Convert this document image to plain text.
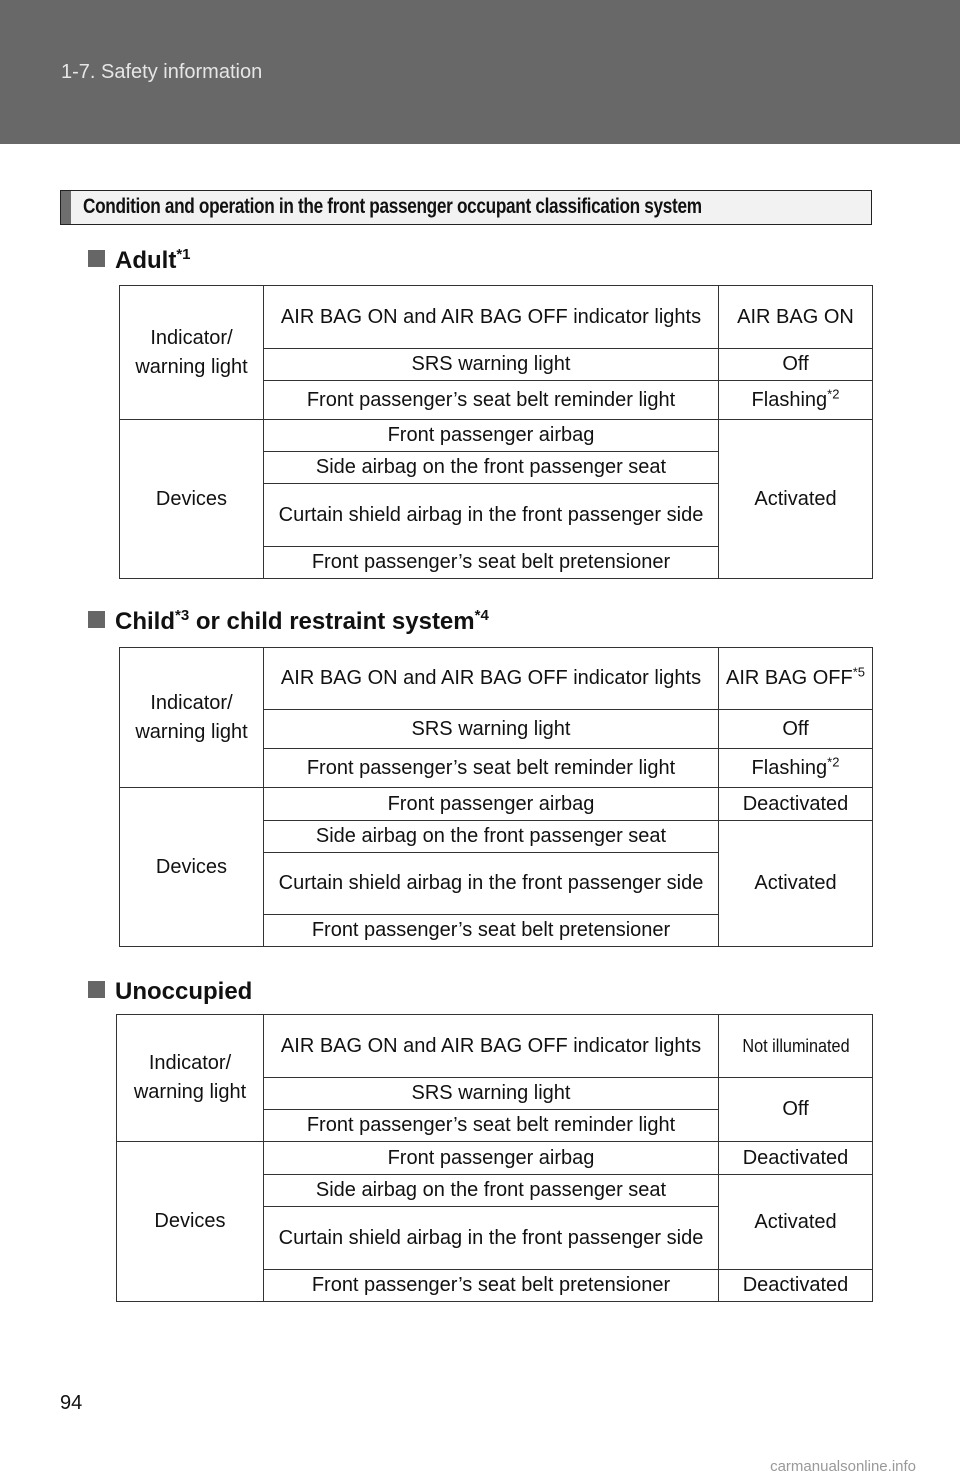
1-7. Safety information
Condition and operation in the front passenger occupant classification system
Adult$^{*1}$
Indicator/ warning light	AIR BAG ON and AIR BAG OFF indicator lights	AIR BAG ON
	SRS warning light	Off
	Front passenger’s seat belt reminder light	Flashing$^{*2}$
Devices	Front passenger airbag	Activated
	Side airbag on the front passenger seat	
	Curtain shield airbag in the front passenger side	
	Front passenger’s seat belt pretensioner	
Child$^{*3}$ or child restraint system$^{*4}$
Indicator/ warning light	AIR BAG ON and AIR BAG OFF indicator lights	AIR BAG OFF$^{*5}$
	SRS warning light	Off
	Front passenger’s seat belt reminder light	Flashing$^{*2}$
Devices	Front passenger airbag	Deactivated
	Side airbag on the front passenger seat	Activated
	Curtain shield airbag in the front passenger side	
	Front passenger’s seat belt pretensioner	
Unoccupied
Indicator/ warning light	AIR BAG ON and AIR BAG OFF indicator lights	Not illuminated
	SRS warning light	Off
	Front passenger’s seat belt reminder light	
Devices	Front passenger airbag	Deactivated
	Side airbag on the front passenger seat	Activated
	Curtain shield airbag in the front passenger side	
	Front passenger’s seat belt pretensioner	Deactivated
94
carmanualsonline.info
